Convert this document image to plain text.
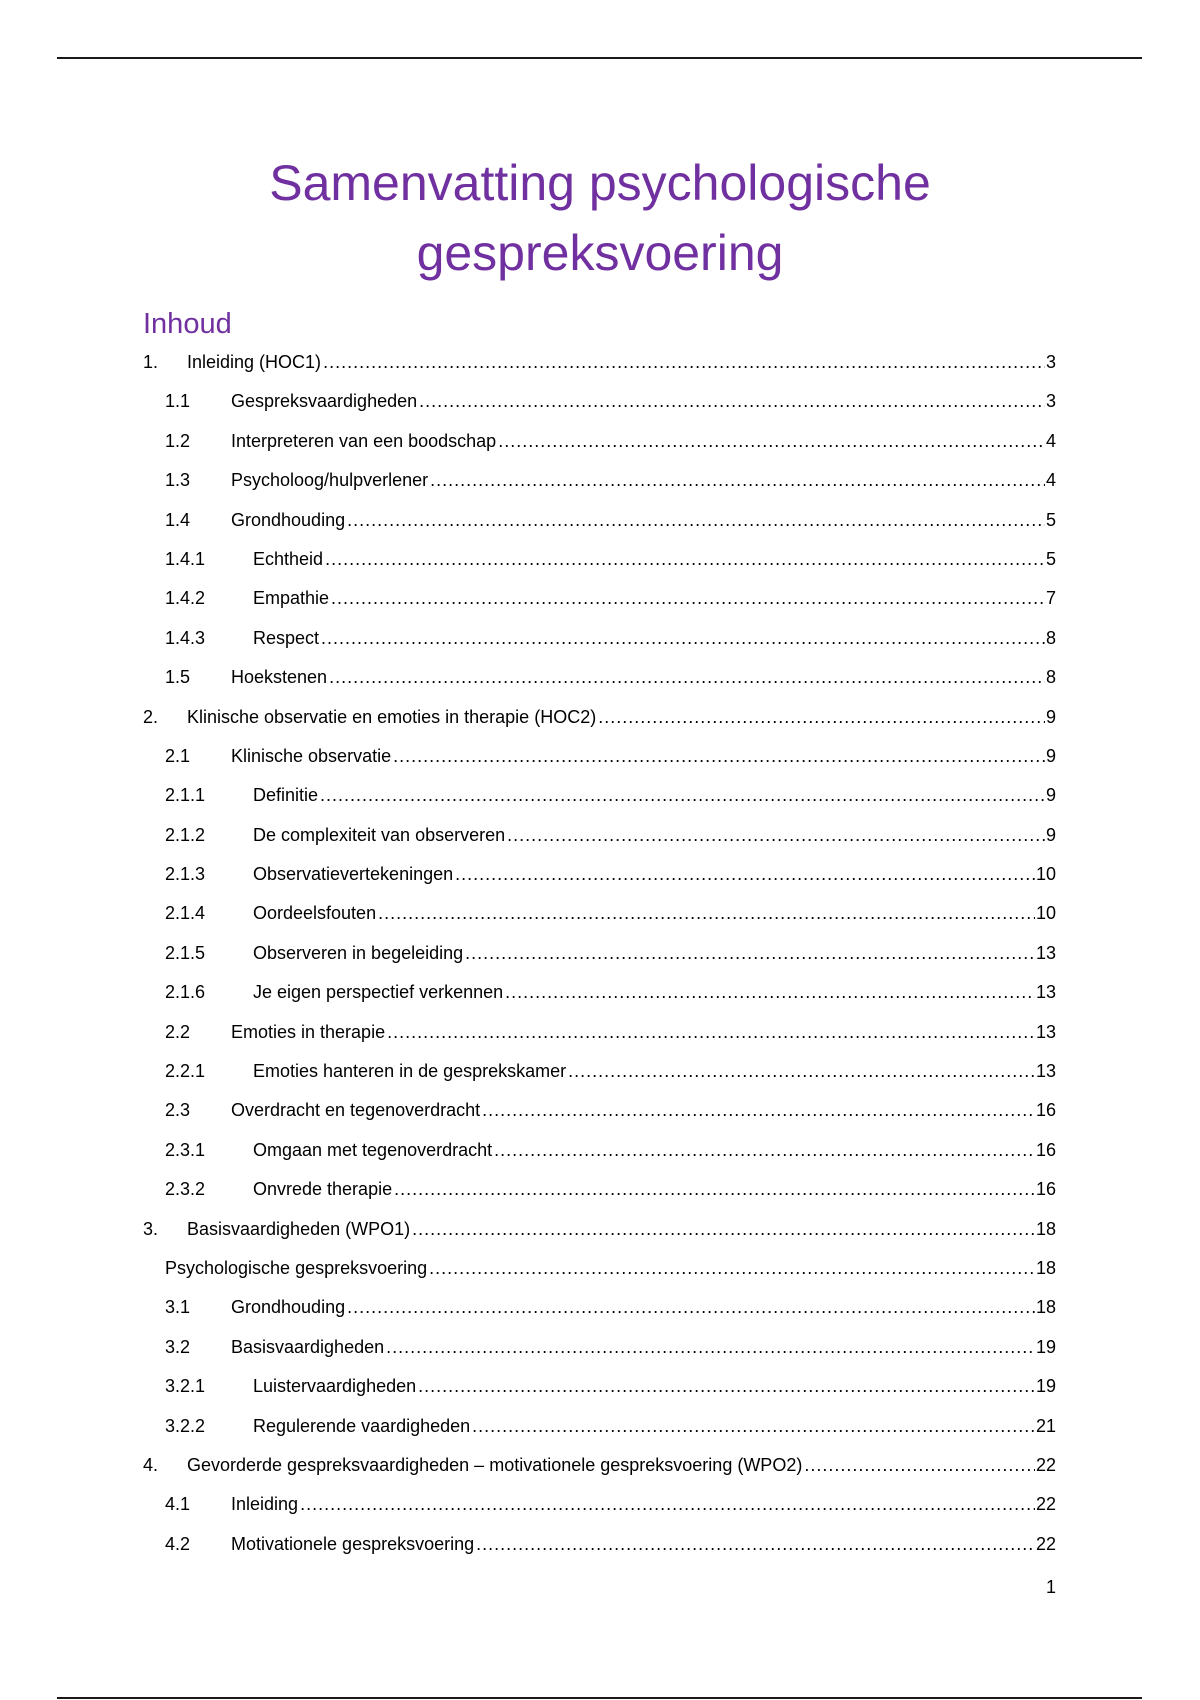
Samenvatting psychologische
gespreksvoering
Inhoud
1. Inleiding (HOC1) .....	3
1.1 Gespreksvaardigheden .....	3
1.2 Interpreteren van een boodschap .....	4
1.3 Psycholoog/hulpverlener .....	4
1.4 Grondhouding .....	5
1.4.1	Echtheid .....	5
1.4.2	Empathie .....	7
1.4.3	Respect .....	8
1.5 Hoekstenen .....	8
2. Klinische observatie en emoties in therapie (HOC2) .....	9
2.1 Klinische observatie .....	9
2.1.1	Definitie .....	9
2.1.2	De complexiteit van observeren .....	9
2.1.3	Observatievertekeningen .....	10
2.1.4	Oordeelsfouten .....	10
2.1.5	Observeren in begeleiding .....	13
2.1.6	Je eigen perspectief verkennen .....	13
2.2 Emoties in therapie .....	13
2.2.1	Emoties hanteren in de gesprekskamer .....	13
2.3 Overdracht en tegenoverdracht .....	16
2.3.1	Omgaan met tegenoverdracht .....	16
2.3.2	Onvrede therapie .....	16
3. Basisvaardigheden (WPO1) .....	18
Psychologische gespreksvoering .....	18
3.1 Grondhouding .....	18
3.2 Basisvaardigheden .....	19
3.2.1	Luistervaardigheden .....	19
3.2.2	Regulerende vaardigheden .....	21
4. Gevorderde gespreksvaardigheden – motivationele gespreksvoering (WPO2) .....	22
4.1 Inleiding .....	22
4.2 Motivationele gespreksvoering .....	22
1
